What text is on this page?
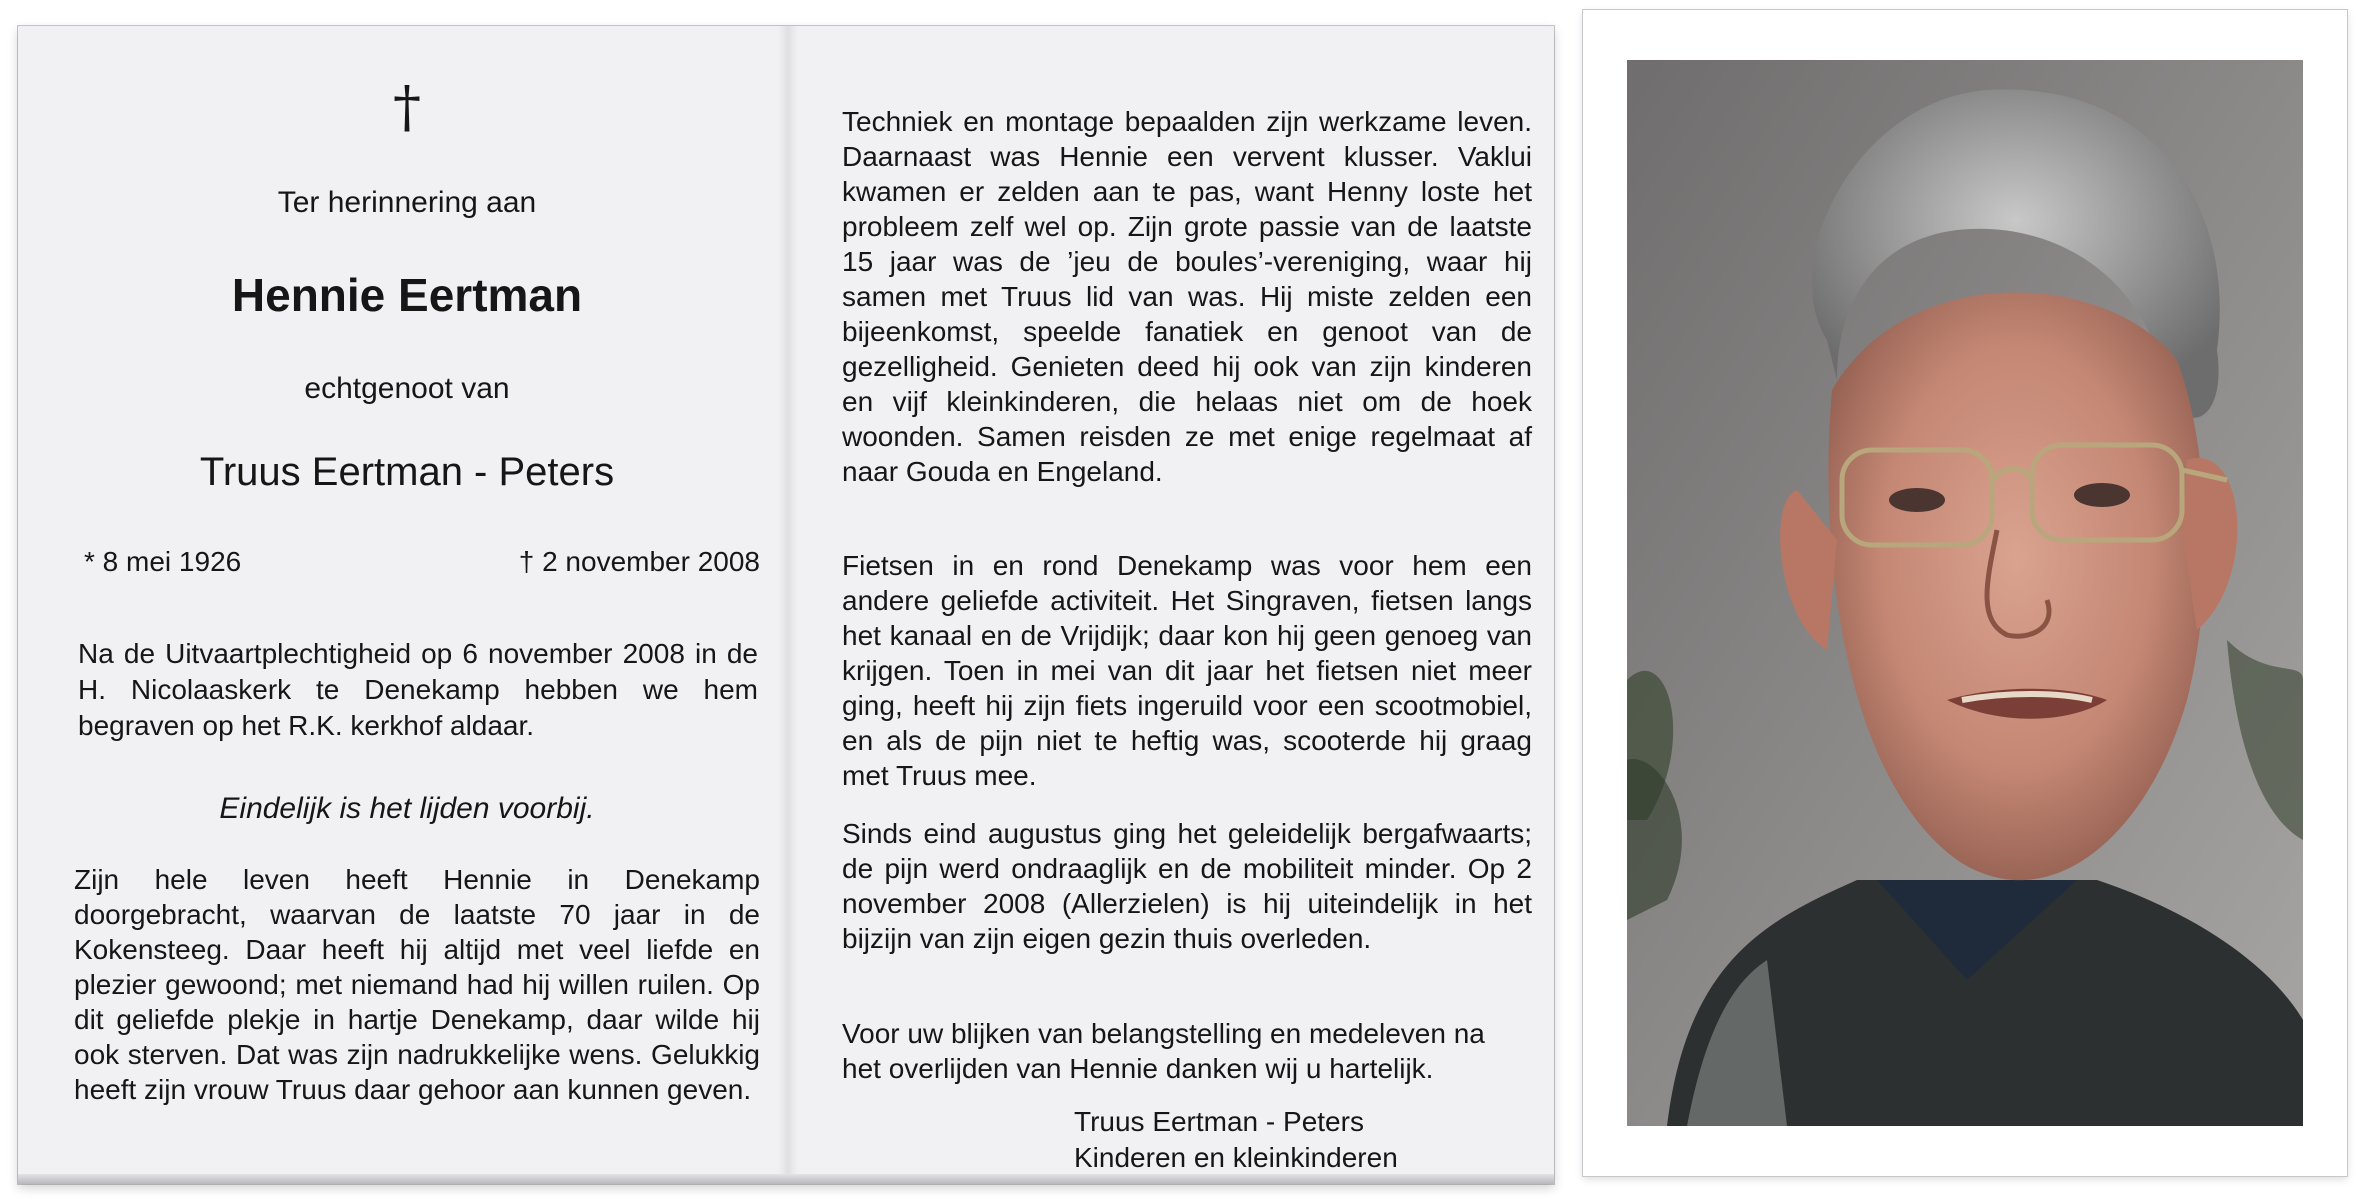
†
Ter herinnering aan
Hennie Eertman
echtgenoot van
Truus Eertman - Peters
* 8 mei 1926	† 2 november 2008
Na de Uitvaartplechtigheid op 6 november 2008 in de H. Nicolaaskerk te Denekamp hebben we hem begraven op het R.K. kerkhof aldaar.
Eindelijk is het lijden voorbij.
Zijn hele leven heeft Hennie in Denekamp doorgebracht, waarvan de laatste 70 jaar in de Kokensteeg. Daar heeft hij altijd met veel liefde en plezier gewoond; met niemand had hij willen ruilen. Op dit geliefde plekje in hartje Denekamp, daar wilde hij ook sterven. Dat was zijn nadrukkelijke wens. Gelukkig heeft zijn vrouw Truus daar gehoor aan kunnen geven.
Techniek en montage bepaalden zijn werkzame leven. Daarnaast was Hennie een vervent klusser. Vaklui kwamen er zelden aan te pas, want Henny loste het probleem zelf wel op. Zijn grote passie van de laatste 15 jaar was de ’jeu de boules’-vereniging, waar hij samen met Truus lid van was. Hij miste zelden een bijeenkomst, speelde fanatiek en genoot van de gezelligheid. Genieten deed hij ook van zijn kinderen en vijf kleinkinderen, die helaas niet om de hoek woonden. Samen reisden ze met enige regelmaat af naar Gouda en Engeland.
Fietsen in en rond Denekamp was voor hem een andere geliefde activiteit. Het Singraven, fietsen langs het kanaal en de Vrijdijk; daar kon hij geen genoeg van krijgen. Toen in mei van dit jaar het fietsen niet meer ging, heeft hij zijn fiets ingeruild voor een scootmobiel, en als de pijn niet te heftig was, scooterde hij graag met Truus mee.
Sinds eind augustus ging het geleidelijk bergafwaarts; de pijn werd ondraaglijk en de mobiliteit minder. Op 2 november 2008 (Allerzielen) is hij uiteindelijk in het bijzijn van zijn eigen gezin thuis overleden.
Voor uw blijken van belangstelling en medeleven na het overlijden van Hennie danken wij u hartelijk.
Truus Eertman - Peters
Kinderen en kleinkinderen
